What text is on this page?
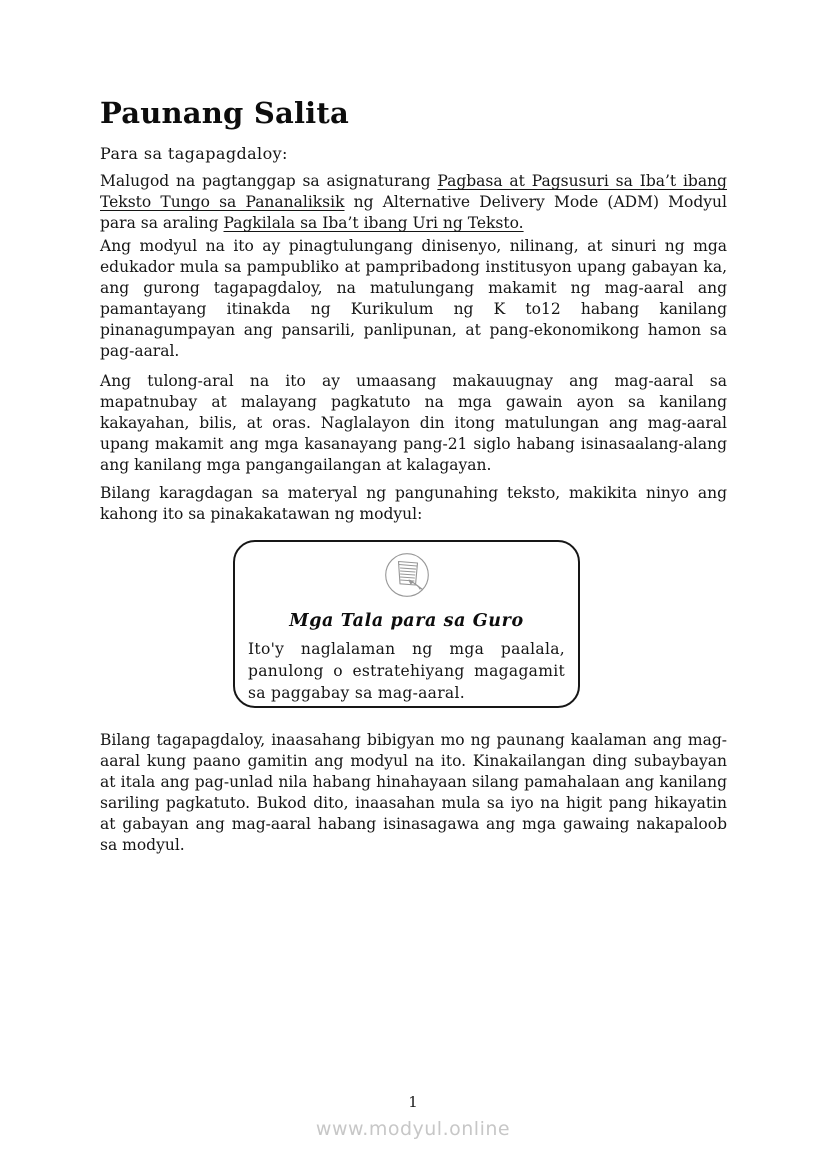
Paunang Salita

Para sa tagapagdaloy:

Malugod na pagtanggap sa asignaturang Pagbasa at Pagsusuri sa Iba’t ibang Teksto Tungo sa Pananaliksik ng Alternative Delivery Mode (ADM) Modyul para sa araling Pagkilala sa Iba’t ibang Uri ng Teksto.

Ang modyul na ito ay pinagtulungang dinisenyo, nilinang, at sinuri ng mga edukador mula sa pampubliko at pampribadong institusyon upang gabayan ka, ang gurong tagapagdaloy, na matulungang makamit ng mag-aaral ang pamantayang itinakda ng Kurikulum ng K to12 habang kanilang pinanagumpayan ang pansarili, panlipunan, at pang-ekonomikong hamon sa pag-aaral.

Ang tulong-aral na ito ay umaasang makauugnay ang mag-aaral sa mapatnubay at malayang pagkatuto na mga gawain ayon sa kanilang kakayahan, bilis, at oras. Naglalayon din itong matulungan ang mag-aaral upang makamit ang mga kasanayang pang-21 siglo habang isinasaalang-alang ang kanilang mga pangangailangan at kalagayan.

Bilang karagdagan sa materyal ng pangunahing teksto, makikita ninyo ang kahong ito sa pinakakatawan ng modyul:

Mga Tala para sa Guro
Ito'y naglalaman ng mga paalala, panulong o estratehiyang magagamit sa paggabay sa mag-aaral.

Bilang tagapagdaloy, inaasahang bibigyan mo ng paunang kaalaman ang mag-aaral kung paano gamitin ang modyul na ito. Kinakailangan ding subaybayan at itala ang pag-unlad nila habang hinahayaan silang pamahalaan ang kanilang sariling pagkatuto. Bukod dito, inaasahan mula sa iyo na higit pang hikayatin at gabayan ang mag-aaral habang isinasagawa ang mga gawaing nakapaloob sa modyul.

1
www.modyul.online
